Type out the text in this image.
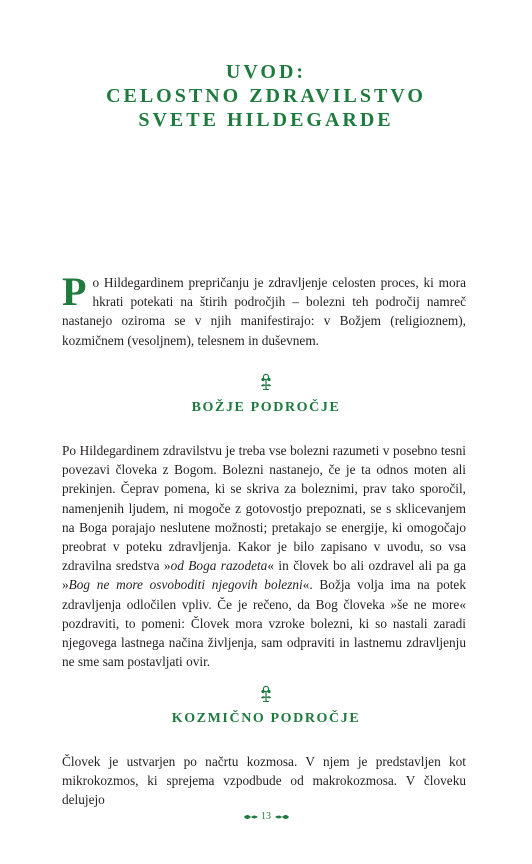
UVOD:
CELOSTNO ZDRAVILSTVO
SVETE HILDEGARDE

Po Hildegardinem prepričanju je zdravljenje celosten proces, ki mora hkrati potekati na štirih področjih – bolezni teh področij namreč nastanejo oziroma se v njih manifestirajo: v Božjem (religioznem), kozmičnem (vesoljnem), telesnem in duševnem.

BOŽJE PODROČJE

Po Hildegardinem zdravilstvu je treba vse bolezni razumeti v posebno tesni povezavi človeka z Bogom. Bolezni nastanejo, če je ta odnos moten ali prekinjen. Čeprav pomena, ki se skriva za boleznimi, prav tako sporočil, namenjenih ljudem, ni mogoče z gotovostjo prepoznati, se s sklicevanjem na Boga porajajo neslutene možnosti; pretakajo se energije, ki omogočajo preobrat v poteku zdravljenja. Kakor je bilo zapisano v uvodu, so vsa zdravilna sredstva »od Boga razodeta« in človek bo ali ozdravel ali pa ga »Bog ne more osvoboditi njegovih bolezni«. Božja volja ima na potek zdravljenja odločilen vpliv. Če je rečeno, da Bog človeka »še ne more« pozdraviti, to pomeni: Človek mora vzroke bolezni, ki so nastali zaradi njegovega lastnega načina življenja, sam odpraviti in lastnemu zdravljenju ne sme sam postavljati ovir.

KOZMIČNO PODROČJE

Človek je ustvarjen po načrtu kozmosa. V njem je predstavljen kot mikrokozmos, ki sprejema vzpodbude od makrokozmosa. V človeku delujejo

13
